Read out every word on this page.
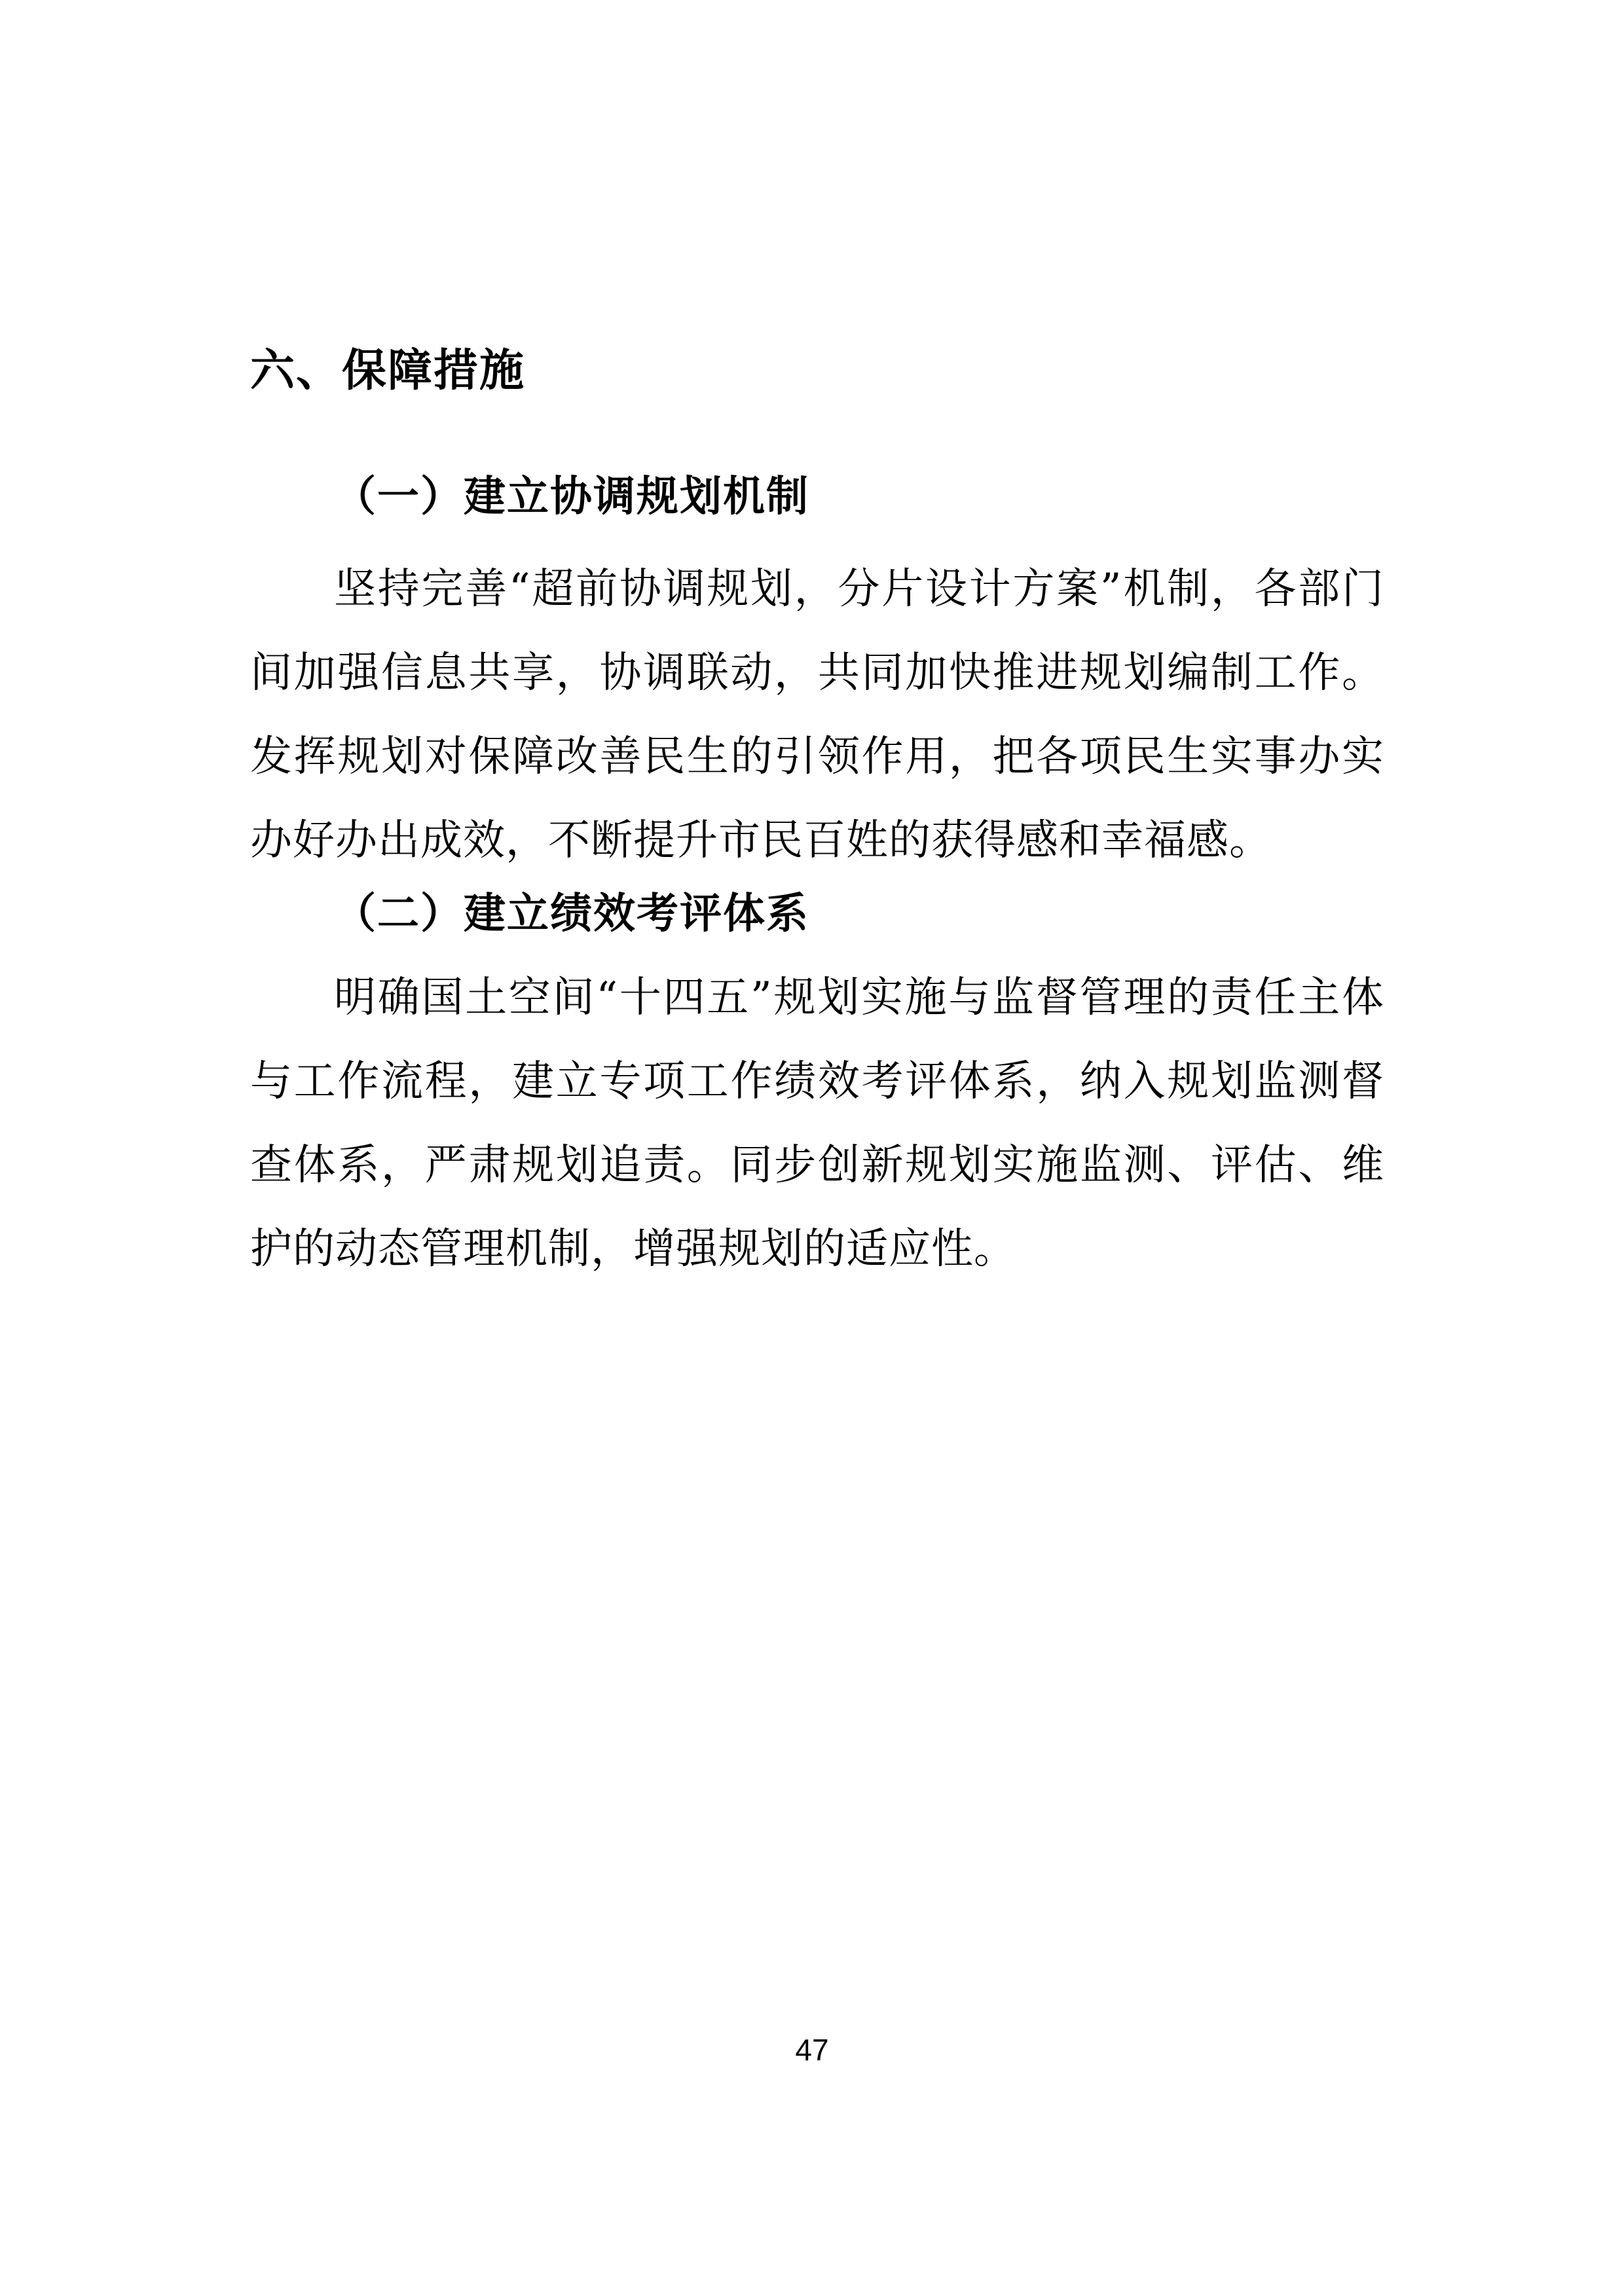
六、保障措施
（一）建立协调规划机制

坚持完善“超前协调规划，分片设计方案”机制，各部门间加强信息共享，协调联动，共同加快推进规划编制工作。发挥规划对保障改善民生的引领作用，把各项民生实事办实办好办出成效，不断提升市民百姓的获得感和幸福感。

（二）建立绩效考评体系

明确国土空间“十四五”规划实施与监督管理的责任主体与工作流程，建立专项工作绩效考评体系，纳入规划监测督查体系，严肃规划追责。同步创新规划实施监测、评估、维护的动态管理机制，增强规划的适应性。

47
